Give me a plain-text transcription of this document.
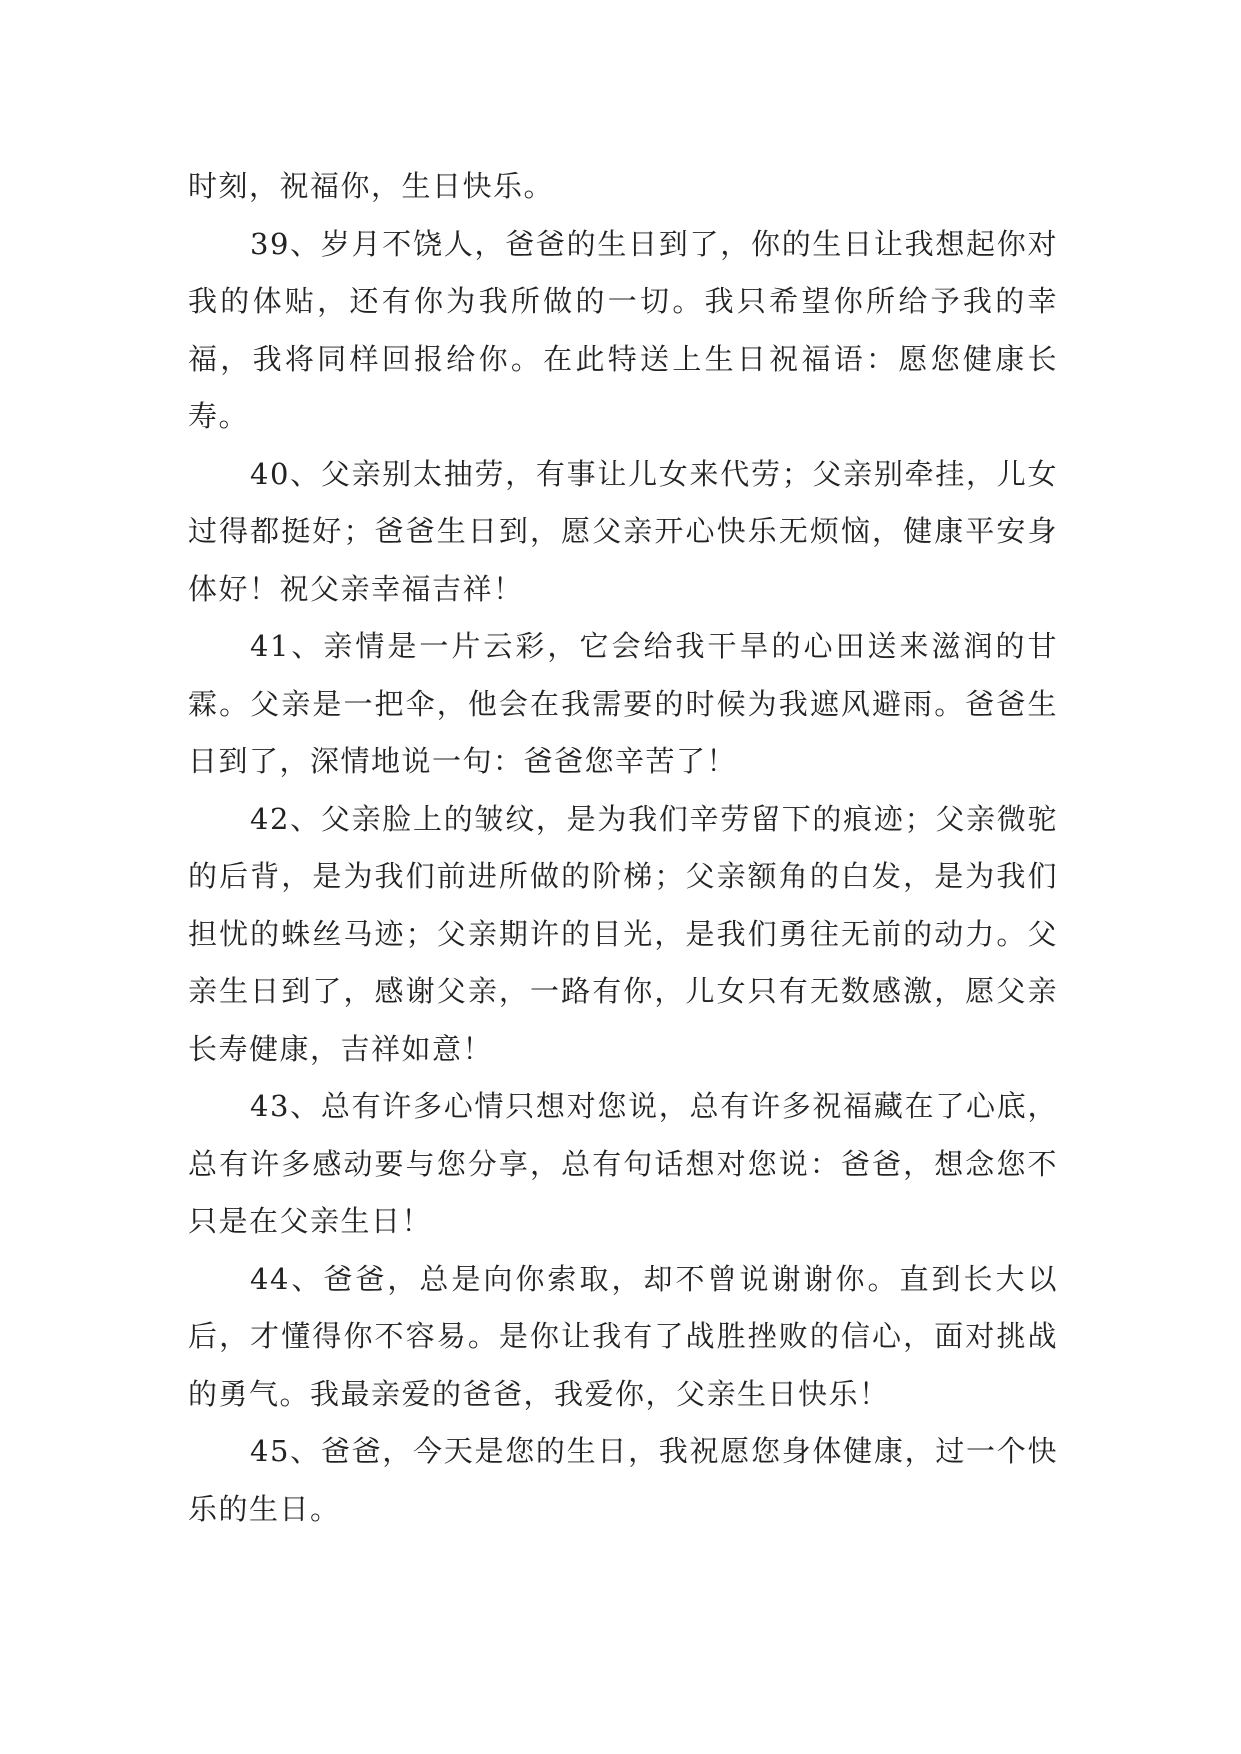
时刻，祝福你，生日快乐。

39、岁月不饶人，爸爸的生日到了，你的生日让我想起你对我的体贴，还有你为我所做的一切。我只希望你所给予我的幸福，我将同样回报给你。在此特送上生日祝福语：愿您健康长寿。

40、父亲别太抽劳，有事让儿女来代劳；父亲别牵挂，儿女过得都挺好；爸爸生日到，愿父亲开心快乐无烦恼，健康平安身体好！祝父亲幸福吉祥！

41、亲情是一片云彩，它会给我干旱的心田送来滋润的甘霖。父亲是一把伞，他会在我需要的时候为我遮风避雨。爸爸生日到了，深情地说一句：爸爸您辛苦了！

42、父亲脸上的皱纹，是为我们辛劳留下的痕迹；父亲微驼的后背，是为我们前进所做的阶梯；父亲额角的白发，是为我们担忧的蛛丝马迹；父亲期许的目光，是我们勇往无前的动力。父亲生日到了，感谢父亲，一路有你，儿女只有无数感激，愿父亲长寿健康，吉祥如意！

43、总有许多心情只想对您说，总有许多祝福藏在了心底，总有许多感动要与您分享，总有句话想对您说：爸爸，想念您不只是在父亲生日！

44、爸爸，总是向你索取，却不曾说谢谢你。直到长大以后，才懂得你不容易。是你让我有了战胜挫败的信心，面对挑战的勇气。我最亲爱的爸爸，我爱你，父亲生日快乐！

45、爸爸，今天是您的生日，我祝愿您身体健康，过一个快乐的生日。
